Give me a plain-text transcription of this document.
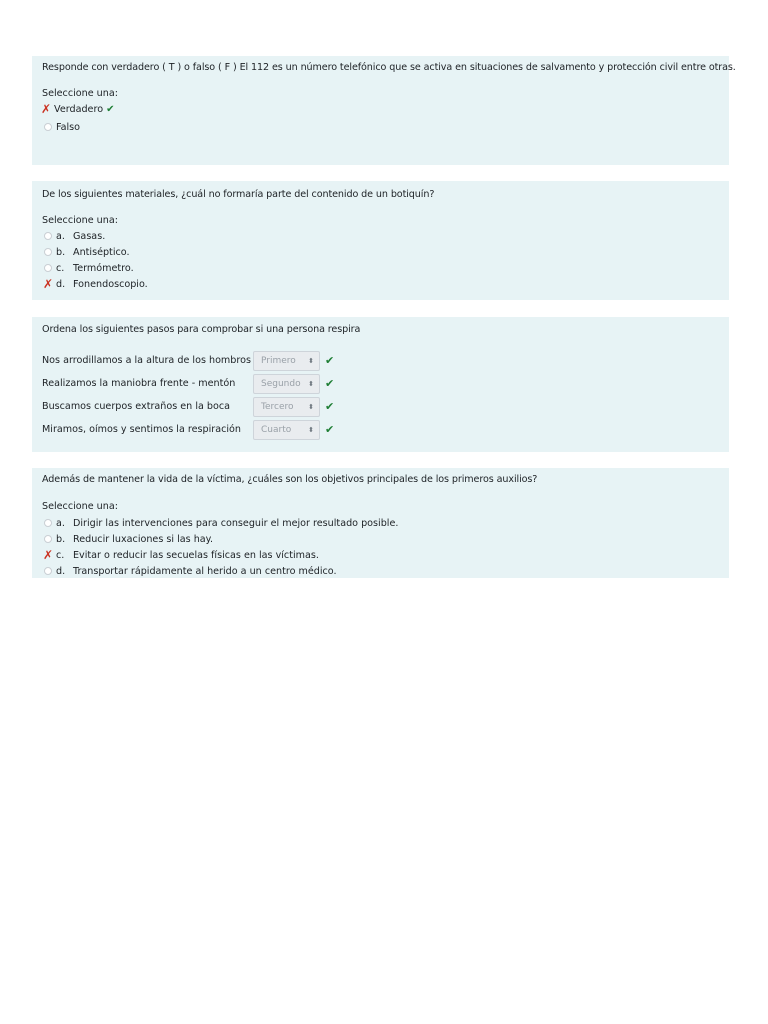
Responde con verdadero ( T ) o falso ( F ) El 112 es un número telefónico que se activa en situaciones de salvamento y protección civil entre otras.
Seleccione una:
✗ Verdadero ✔
Falso
De los siguientes materiales, ¿cuál no formaría parte del contenido de un botiquín?
Seleccione una:
a. Gasas.
b. Antiséptico.
c. Termómetro.
✗ d. Fonendoscopio.
Ordena los siguientes pasos para comprobar si una persona respira
Nos arrodillamos a la altura de los hombros	Primero ⬍ ✔
Realizamos la maniobra frente - mentón	Segundo ⬍ ✔
Buscamos cuerpos extraños en la boca	Tercero ⬍ ✔
Miramos, oímos y sentimos la respiración	Cuarto ⬍ ✔
Además de mantener la vida de la víctima, ¿cuáles son los objetivos principales de los primeros auxilios?
Seleccione una:
a. Dirigir las intervenciones para conseguir el mejor resultado posible.
b. Reducir luxaciones si las hay.
✗ c. Evitar o reducir las secuelas físicas en las víctimas.
d. Transportar rápidamente al herido a un centro médico.
